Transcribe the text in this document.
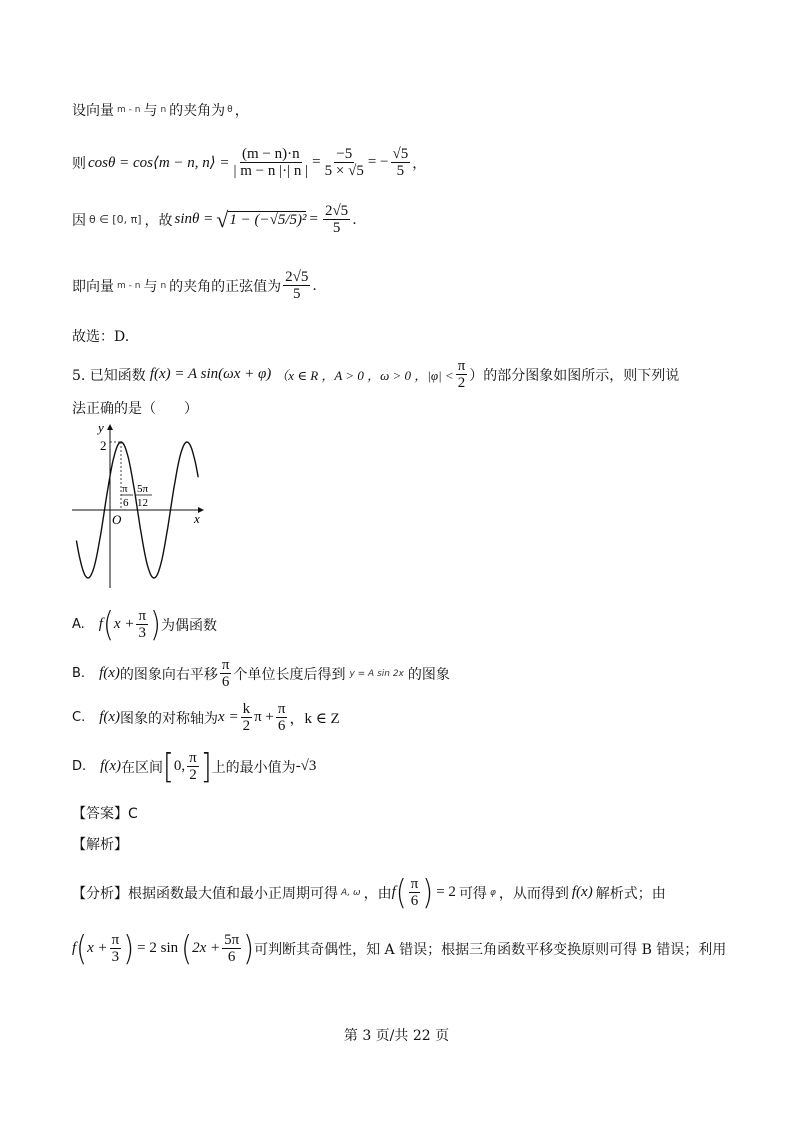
设向量 m - n 与 n 的夹角为 θ ，
则 cosθ = cos⟨m − n, n⟩ = $\frac{(m - n)\cdot n}{| m - n |\cdot| n |} = \frac{-5}{5 \times √5}$ = − $\frac{√5}{5}$ ，
因 θ ∈ [0, π] ，故 sinθ = √ $1 - (-√5/5)^2 = \frac{2√5}{5}$ .
即向量 m - n 与 n 的夹角的正弦值为 $\frac{2√5}{5}$ .
故选：D.
5. 已知函数 f(x) = A sin(ωx + φ) （x ∈ R ，A > 0 ，ω > 0 ，$|\varphi| < \frac{\pi}{2}$ ）的部分图象如图所示，则下列说
法正确的是（　　）
y
x
O
2
π
6
5π
12
A. f ( $x + \frac{\pi}{3}$ ) 为偶函数
B. f(x) 的图象向右平移 $\frac{\pi}{6}$ 个单位长度后得到 y = A sin 2x 的图象
C. f(x) 图象的对称轴为 $x = \frac{k}{2}$ $\pi + \frac{\pi}{6}$ ，k ∈ Z
D. f(x) 在区间 [ 0, $\frac{\pi}{2}$ ] 上的最小值为 -√3
【答案】C
【解析】
【分析】 根据函数最大值和最小正周期可得 A, ω ，由 f ( $\frac{\pi}{6}$ ) = 2 可得 φ ，从而得到 f(x) 解析式；由
f ( $x + \frac{\pi}{3}$ ) = 2 sin ( $2x + \frac{5\pi}{6}$ ) 可判断其奇偶性，知 A 错误；根据三角函数平移变换原则可得 B 错误；利用
第 3 页/共 22 页
